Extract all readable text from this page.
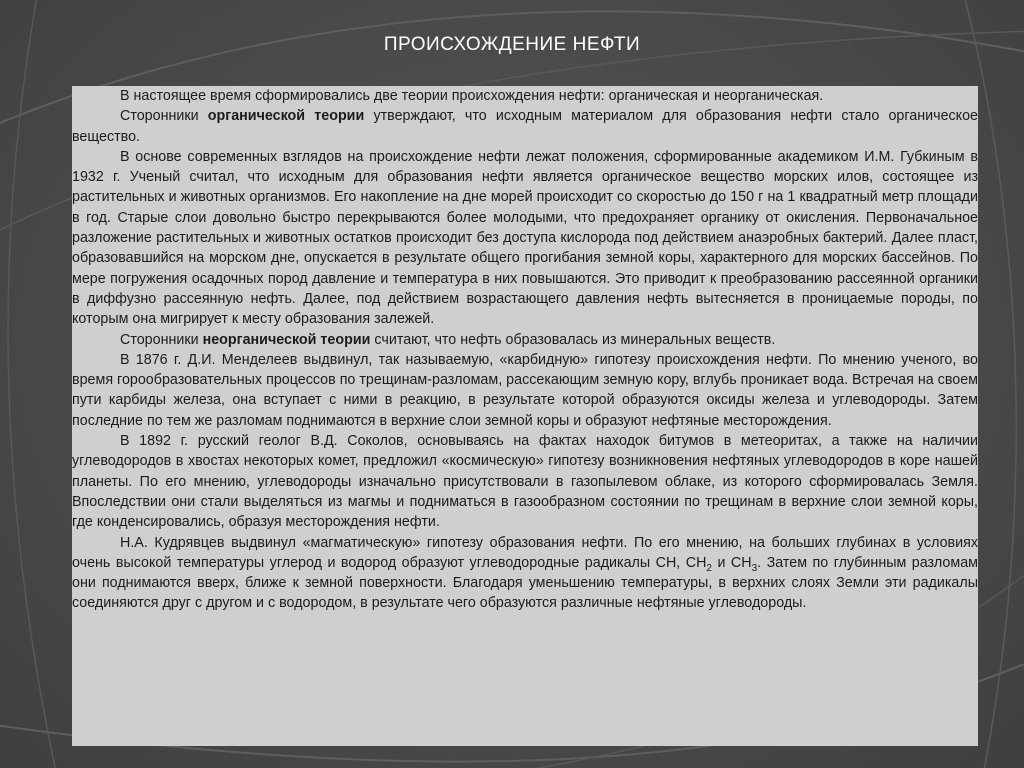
ПРОИСХОЖДЕНИЕ НЕФТИ

В настоящее время сформировались две теории происхождения нефти: органическая и неорганическая.

Сторонники органической теории утверждают, что исходным материалом для образования нефти стало органическое вещество.

В основе современных взглядов на происхождение нефти лежат положения, сформированные академиком И.М. Губкиным в 1932 г. Ученый считал, что исходным для образования нефти является органическое вещество морских илов, состоящее из растительных и животных организмов. Его накопление на дне морей происходит со скоростью до 150 г на 1 квадратный метр площади в год. Старые слои довольно быстро перекрываются более молодыми, что предохраняет органику от окисления. Первоначальное разложение растительных и животных остатков происходит без доступа кислорода под действием анаэробных бактерий. Далее пласт, образовавшийся на морском дне, опускается в результате общего прогибания земной коры, характерного для морских бассейнов. По мере погружения осадочных пород давление и температура в них повышаются. Это приводит к преобразованию рассеянной органики в диффузно рассеянную нефть. Далее, под действием возрастающего давления нефть вытесняется в проницаемые породы, по которым она мигрирует к месту образования залежей.

Сторонники неорганической теории считают, что нефть образовалась из минеральных веществ.

В 1876 г. Д.И. Менделеев выдвинул, так называемую, «карбидную» гипотезу происхождения нефти. По мнению ученого, во время горообразовательных процессов по трещинам-разломам, рассекающим земную кору, вглубь проникает вода. Встречая на своем пути карбиды железа, она вступает с ними в реакцию, в результате которой образуются оксиды железа и углеводороды. Затем последние по тем же разломам поднимаются в верхние слои земной коры и образуют нефтяные месторождения.

В 1892 г. русский геолог В.Д. Соколов, основываясь на фактах находок битумов в метеоритах, а также на наличии углеводородов в хвостах некоторых комет, предложил «космическую» гипотезу возникновения нефтяных углеводородов в коре нашей планеты. По его мнению, углеводороды изначально присутствовали в газопылевом облаке, из которого сформировалась Земля. Впоследствии они стали выделяться из магмы и подниматься в газообразном состоянии по трещинам в верхние слои земной коры, где конденсировались, образуя месторождения нефти.

Н.А. Кудрявцев выдвинул «магматическую» гипотезу образования нефти. По его мнению, на больших глубинах в условиях очень высокой температуры углерод и водород образуют углеводородные радикалы СН, $СН_2$ и $СН_3$. Затем по глубинным разломам они поднимаются вверх, ближе к земной поверхности. Благодаря уменьшению температуры, в верхних слоях Земли эти радикалы соединяются друг с другом и с водородом, в результате чего образуются различные нефтяные углеводороды.
